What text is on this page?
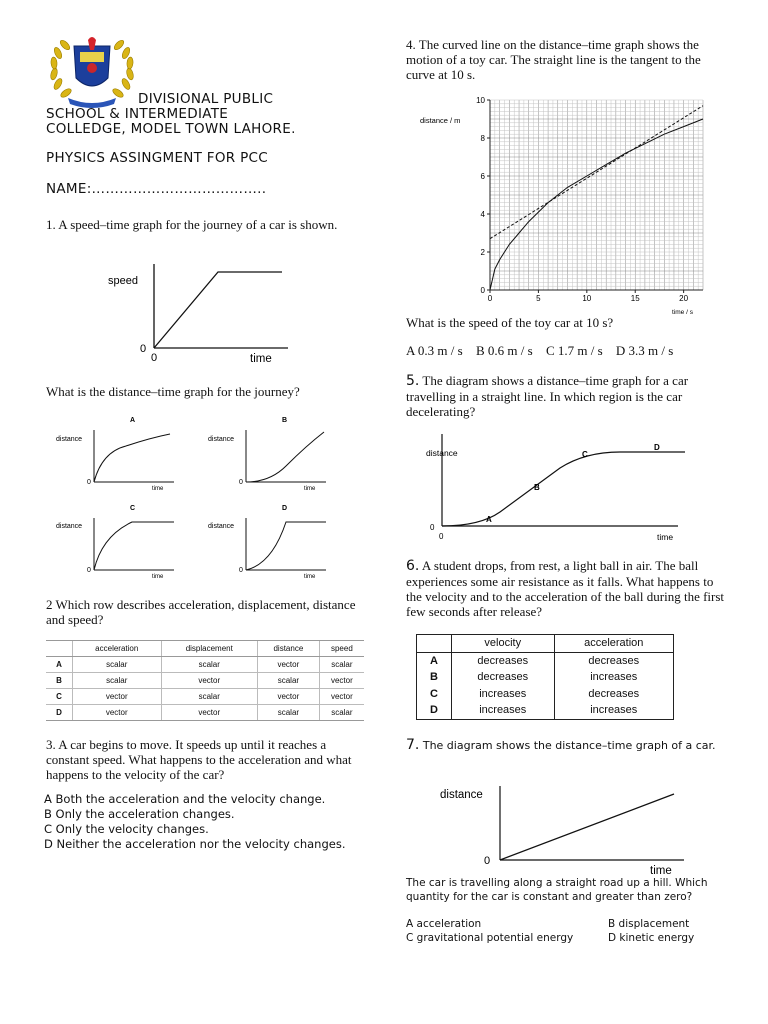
DIVISIONAL PUBLIC
SCHOOL & INTERMEDIATE
COLLEDGE, MODEL TOWN LAHORE.
PHYSICS ASSINGMENT FOR PCC
NAME:………………………………..
1. A speed–time graph for the journey of a car is shown.
speed
time
0
0
What is the distance–time graph for the journey?
A
distance
0
time
B
distance
0
time
C
distance
0
time
D
distance
0
time
2 Which row describes acceleration, displacement, distance and speed?
	acceleration	displacement	distance	speed
A	scalar	scalar	vector	scalar
B	scalar	vector	scalar	vector
C	vector	scalar	vector	vector
D	vector	vector	scalar	scalar
3. A car begins to move. It speeds up until it reaches a constant speed. What happens to the acceleration and what happens to the velocity of the car?
A Both the acceleration and the velocity change.
B Only the acceleration changes.
C Only the velocity changes.
D Neither the acceleration nor the velocity changes.
4. The curved line on the distance–time graph shows the motion of a toy car. The straight line is the tangent to the curve at 10 s.
0	5	10	15	20
0
2
4
6
8
10
distance / m
time / s
What is the speed of the toy car at 10 s?
A 0.3 m / s B 0.6 m / s C 1.7 m / s D 3.3 m / s
5. The diagram shows a distance–time graph for a car travelling in a straight line. In which region is the car decelerating?
distance
time
0
0
A
B
C
D
6. A student drops, from rest, a light ball in air. The ball experiences some air resistance as it falls. What happens to the velocity and to the acceleration of the ball during the first few seconds after release?
	velocity	acceleration
A	decreases	decreases
B	decreases	increases
C	increases	decreases
D	increases	increases
7. The diagram shows the distance–time graph of a car.
distance
time
0
The car is travelling along a straight road up a hill. Which quantity for the car is constant and greater than zero?
A acceleration	B displacement
C gravitational potential energy	D kinetic energy
